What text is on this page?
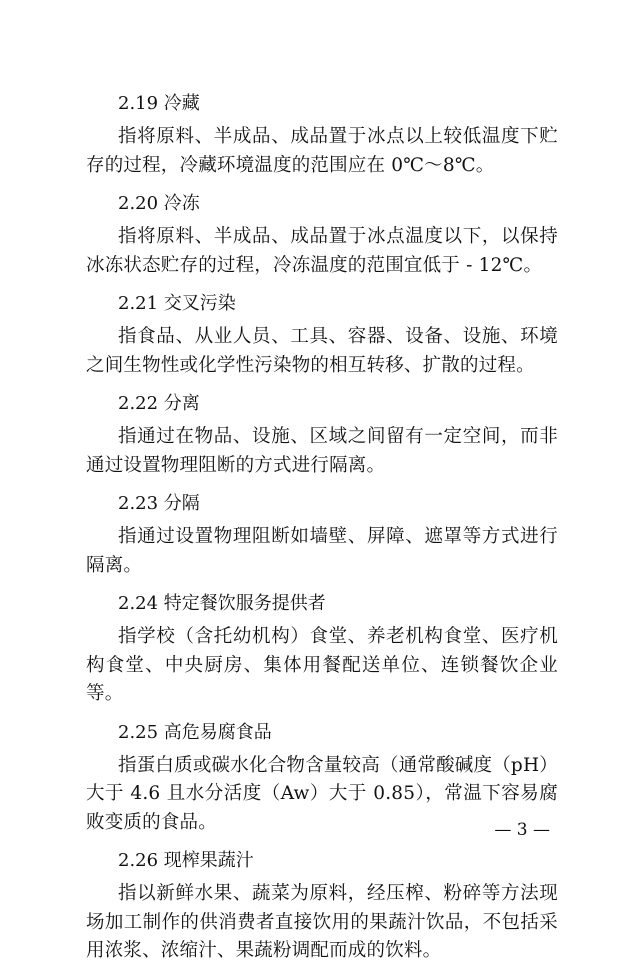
2.19 冷藏

指将原料、半成品、成品置于冰点以上较低温度下贮存的过程，冷藏环境温度的范围应在 0℃～8℃。

2.20 冷冻

指将原料、半成品、成品置于冰点温度以下，以保持冰冻状态贮存的过程，冷冻温度的范围宜低于 - 12℃。

2.21 交叉污染

指食品、从业人员、工具、容器、设备、设施、环境之间生物性或化学性污染物的相互转移、扩散的过程。

2.22 分离

指通过在物品、设施、区域之间留有一定空间，而非通过设置物理阻断的方式进行隔离。

2.23 分隔

指通过设置物理阻断如墙壁、屏障、遮罩等方式进行隔离。

2.24 特定餐饮服务提供者

指学校（含托幼机构）食堂、养老机构食堂、医疗机构食堂、中央厨房、集体用餐配送单位、连锁餐饮企业等。

2.25 高危易腐食品

指蛋白质或碳水化合物含量较高（通常酸碱度（pH）大于 4.6 且水分活度（Aw）大于 0.85），常温下容易腐败变质的食品。

2.26 现榨果蔬汁

指以新鲜水果、蔬菜为原料，经压榨、粉碎等方法现场加工制作的供消费者直接饮用的果蔬汁饮品，不包括采用浓浆、浓缩汁、果蔬粉调配而成的饮料。

— 3 —
